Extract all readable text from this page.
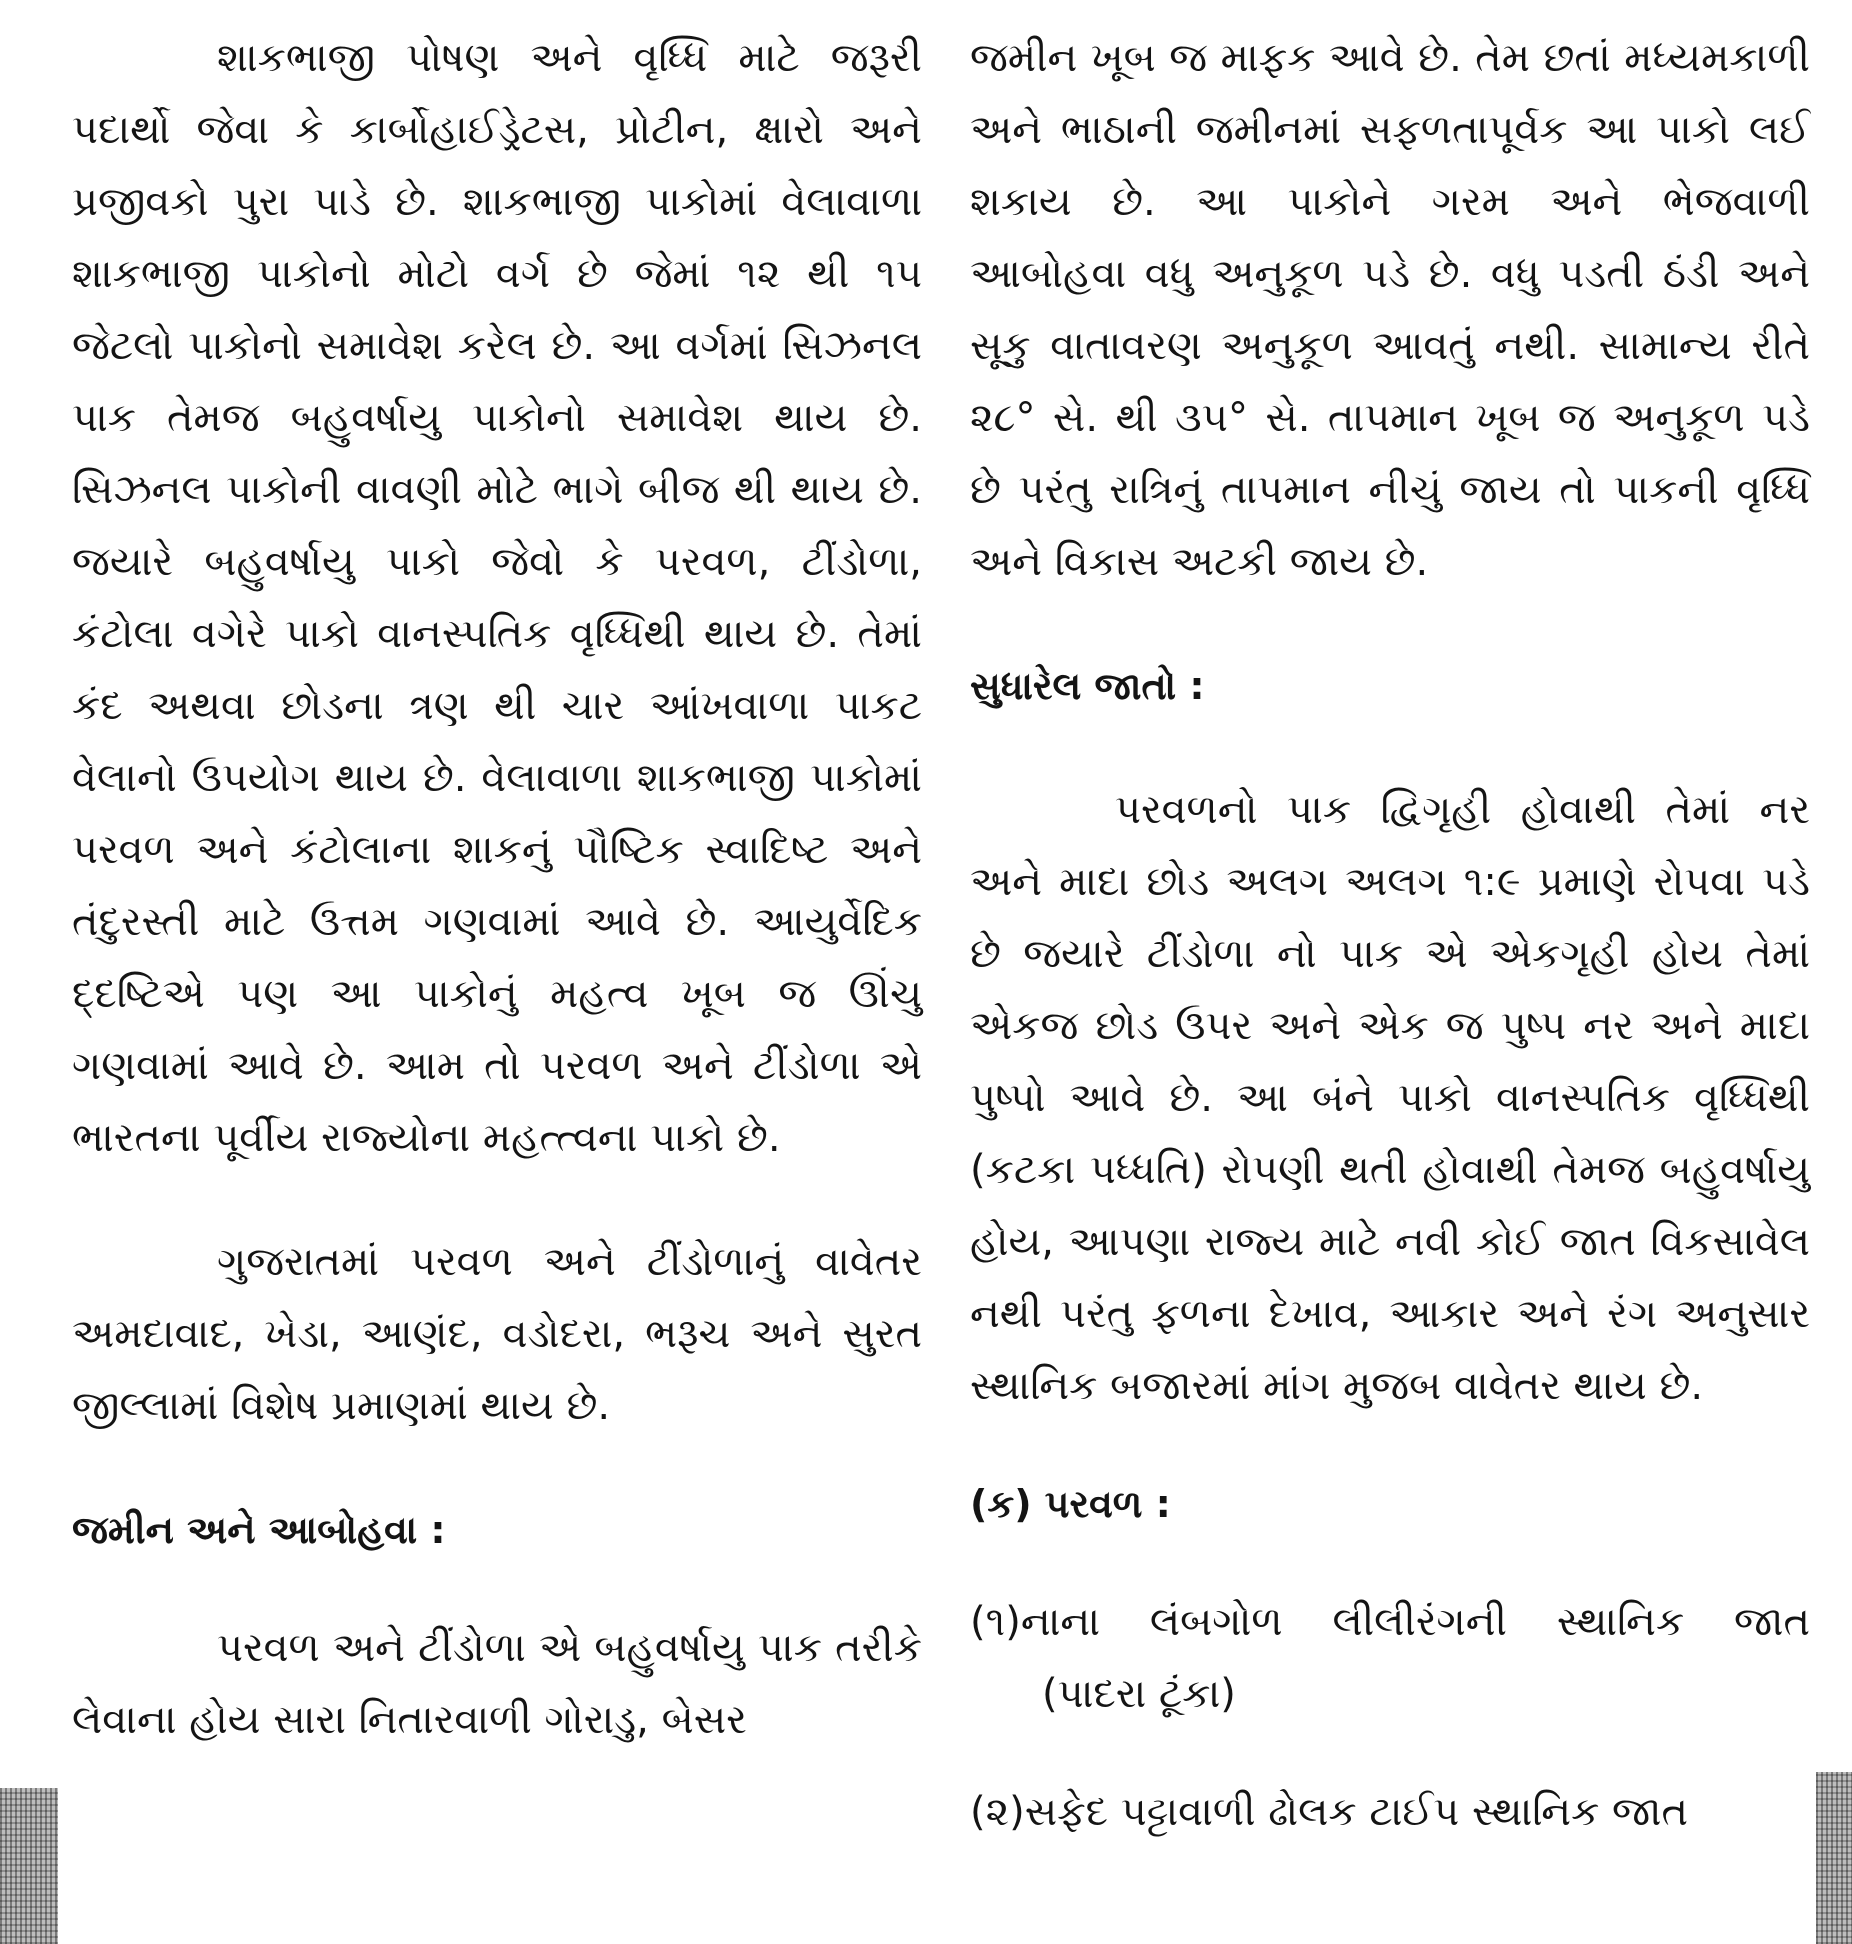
શાકભાજી પોષણ અને વૃધ્ધિ માટે જરૂરી પદાર્થો જેવા કે કાર્બોહાઈડ્રેટસ, પ્રોટીન, ક્ષારો અને પ્રજીવકો પુરા પાડે છે. શાકભાજી પાકોમાં વેલાવાળા શાકભાજી પાકોનો મોટો વર્ગ છે જેમાં ૧૨ થી ૧૫ જેટલો પાકોનો સમાવેશ કરેલ છે. આ વર્ગમાં સિઝનલ પાક તેમજ બહુવર્ષાયુ પાકોનો સમાવેશ થાય છે. સિઝનલ પાકોની વાવણી મોટે ભાગે બીજ થી થાય છે. જયારે બહુવર્ષાયુ પાકો જેવો કે પરવળ, ટીંડોળા, કંટોલા વગેરે પાકો વાનસ્પતિક વૃધ્ધિથી થાય છે. તેમાં કંદ અથવા છોડના ત્રણ થી ચાર આંખવાળા પાકટ વેલાનો ઉપયોગ થાય છે. વેલાવાળા શાકભાજી પાકોમાં પરવળ અને કંટોલાના શાકનું પૌષ્ટિક સ્વાદિષ્ટ અને તંદુરસ્તી માટે ઉત્તમ ગણવામાં આવે છે. આયુર્વેદિક દ્દષ્ટિએ પણ આ પાકોનું મહત્વ ખૂબ જ ઊંચુ ગણવામાં આવે છે. આમ તો પરવળ અને ટીંડોળા એ ભારતના પૂર્વીય રાજ્યોના મહત્ત્વના પાકો છે.

ગુજરાતમાં પરવળ અને ટીંડોળાનું વાવેતર અમદાવાદ, ખેડા, આણંદ, વડોદરા, ભરૂચ અને સુરત જીલ્લામાં વિશેષ પ્રમાણમાં થાય છે.

જમીન અને આબોહવા :

પરવળ અને ટીંડોળા એ બહુવર્ષાયુ પાક તરીકે લેવાના હોય સારા નિતારવાળી ગોરાડુ, બેસર

જમીન ખૂબ જ માફક આવે છે. તેમ છતાં મધ્યમકાળી અને ભાઠાની જમીનમાં સફળતાપૂર્વક આ પાકો લઈ શકાય છે. આ પાકોને ગરમ અને ભેજવાળી આબોહવા વધુ અનુકૂળ પડે છે. વધુ પડતી ઠંડી અને સૂકુ વાતાવરણ અનુકૂળ આવતું નથી. સામાન્ય રીતે ૨૮° સે. થી ૩૫° સે. તાપમાન ખૂબ જ અનુકૂળ પડે છે પરંતુ રાત્રિનું તાપમાન નીચું જાય તો પાકની વૃધ્ધિ અને વિકાસ અટકી જાય છે.

સુધારેલ જાતો :

પરવળનો પાક દ્વિગૃહી હોવાથી તેમાં નર અને માદા છોડ અલગ અલગ ૧:૯ પ્રમાણે રોપવા પડે છે જયારે ટીંડોળા નો પાક એ એકગૃહી હોય તેમાં એકજ છોડ ઉપર અને એક જ પુષ્પ નર અને માદા પુષ્પો આવે છે. આ બંને પાકો વાનસ્પતિક વૃધ્ધિથી (કટકા પધ્ધતિ) રોપણી થતી હોવાથી તેમજ બહુવર્ષાયુ હોય, આપણા રાજ્ય માટે નવી કોઈ જાત વિકસાવેલ નથી પરંતુ ફળના દેખાવ, આકાર અને રંગ અનુસાર સ્થાનિક બજારમાં માંગ મુજબ વાવેતર થાય છે.

(ક) પરવળ :

(૧) નાના લંબગોળ લીલીરંગની સ્થાનિક જાત

(પાદરા ટૂંકા)

(૨) સફેદ પટ્ટાવાળી ઢોલક ટાઈપ સ્થાનિક જાત
